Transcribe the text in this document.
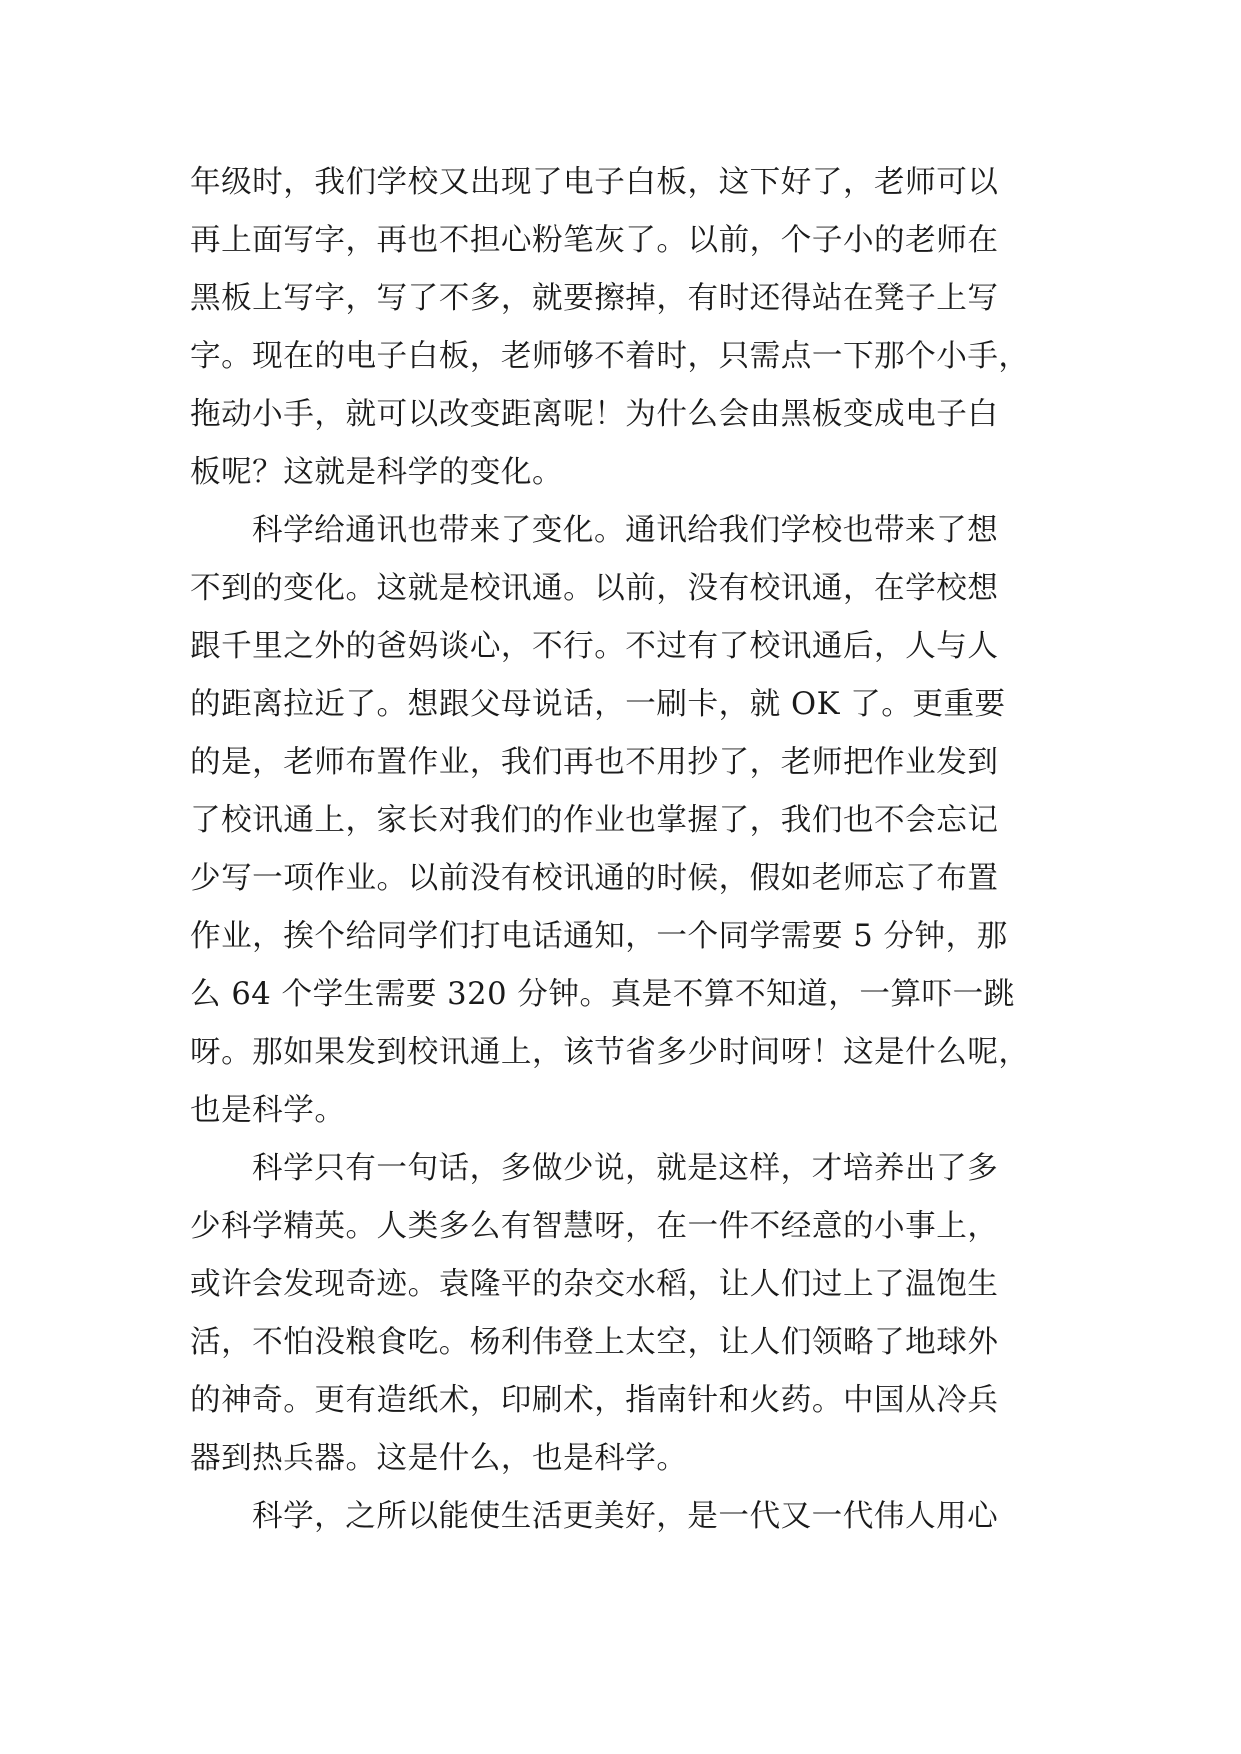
年级时，我们学校又出现了电子白板，这下好了，老师可以
再上面写字，再也不担心粉笔灰了。以前，个子小的老师在
黑板上写字，写了不多，就要擦掉，有时还得站在凳子上写
字。现在的电子白板，老师够不着时，只需点一下那个小手，
拖动小手，就可以改变距离呢！为什么会由黑板变成电子白
板呢？这就是科学的变化。
科学给通讯也带来了变化。通讯给我们学校也带来了想
不到的变化。这就是校讯通。以前，没有校讯通，在学校想
跟千里之外的爸妈谈心，不行。不过有了校讯通后，人与人
的距离拉近了。想跟父母说话，一刷卡，就 OK 了。更重要
的是，老师布置作业，我们再也不用抄了，老师把作业发到
了校讯通上，家长对我们的作业也掌握了，我们也不会忘记
少写一项作业。以前没有校讯通的时候，假如老师忘了布置
作业，挨个给同学们打电话通知，一个同学需要 5 分钟，那
么 64 个学生需要 320 分钟。真是不算不知道，一算吓一跳
呀。那如果发到校讯通上，该节省多少时间呀！这是什么呢，
也是科学。
科学只有一句话，多做少说，就是这样，才培养出了多
少科学精英。人类多么有智慧呀，在一件不经意的小事上，
或许会发现奇迹。袁隆平的杂交水稻，让人们过上了温饱生
活，不怕没粮食吃。杨利伟登上太空，让人们领略了地球外
的神奇。更有造纸术，印刷术，指南针和火药。中国从冷兵
器到热兵器。这是什么，也是科学。
科学，之所以能使生活更美好，是一代又一代伟人用心
